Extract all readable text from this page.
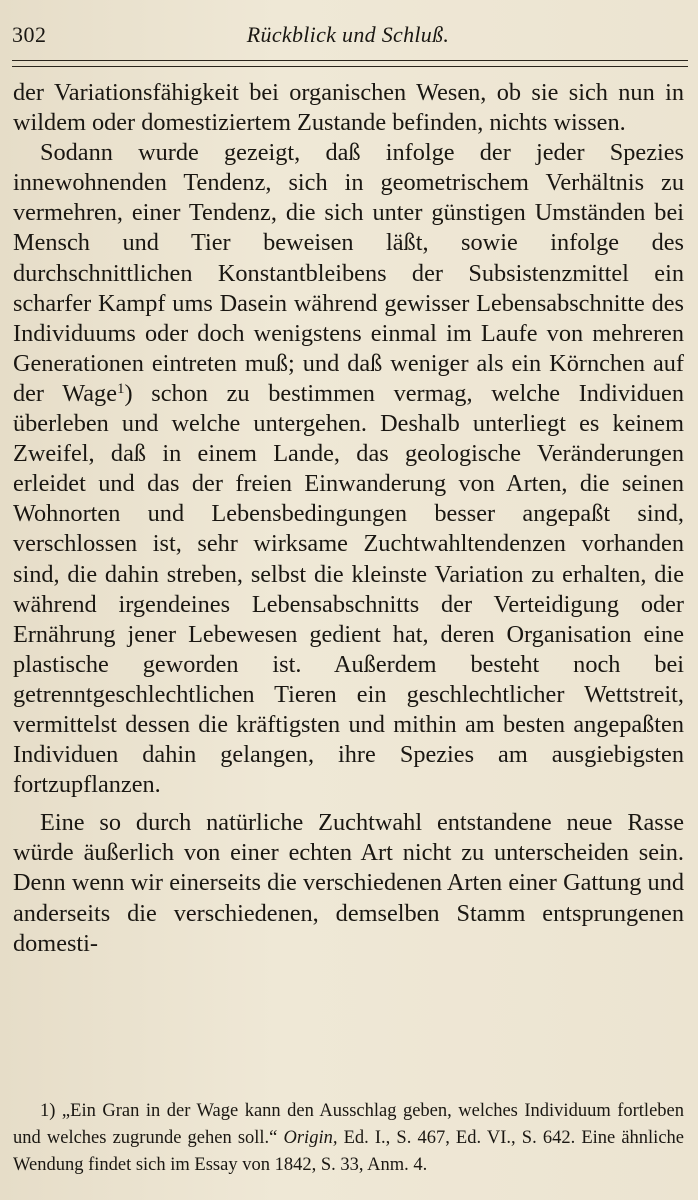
302	Rückblick und Schluß.

der Variationsfähigkeit bei organischen Wesen, ob sie sich nun in wildem oder domestiziertem Zustande befinden, nichts wissen.

Sodann wurde gezeigt, daß infolge der jeder Spezies innewohnenden Tendenz, sich in geometrischem Verhältnis zu vermehren, einer Tendenz, die sich unter günstigen Umständen bei Mensch und Tier beweisen läßt, sowie infolge des durchschnittlichen Konstantbleibens der Subsistenzmittel ein scharfer Kampf ums Dasein während gewisser Lebensabschnitte des Individuums oder doch wenigstens einmal im Laufe von mehreren Generationen eintreten muß; und daß weniger als ein Körnchen auf der Wage$^1$) schon zu bestimmen vermag, welche Individuen überleben und welche untergehen. Deshalb unterliegt es keinem Zweifel, daß in einem Lande, das geologische Veränderungen erleidet und das der freien Einwanderung von Arten, die seinen Wohnorten und Lebensbedingungen besser angepaßt sind, verschlossen ist, sehr wirksame Zuchtwahltendenzen vorhanden sind, die dahin streben, selbst die kleinste Variation zu erhalten, die während irgendeines Lebensabschnitts der Verteidigung oder Ernährung jener Lebewesen gedient hat, deren Organisation eine plastische geworden ist. Außerdem besteht noch bei getrenntgeschlechtlichen Tieren ein geschlechtlicher Wettstreit, vermittelst dessen die kräftigsten und mithin am besten angepaßten Individuen dahin gelangen, ihre Spezies am ausgiebigsten fortzupflanzen.

Eine so durch natürliche Zuchtwahl entstandene neue Rasse würde äußerlich von einer echten Art nicht zu unterscheiden sein. Denn wenn wir einerseits die verschiedenen Arten einer Gattung und anderseits die verschiedenen, demselben Stamm entsprungenen domesti-

1) „Ein Gran in der Wage kann den Ausschlag geben, welches Individuum fortleben und welches zugrunde gehen soll.“ Origin, Ed. I., S. 467, Ed. VI., S. 642. Eine ähnliche Wendung findet sich im Essay von 1842, S. 33, Anm. 4.
